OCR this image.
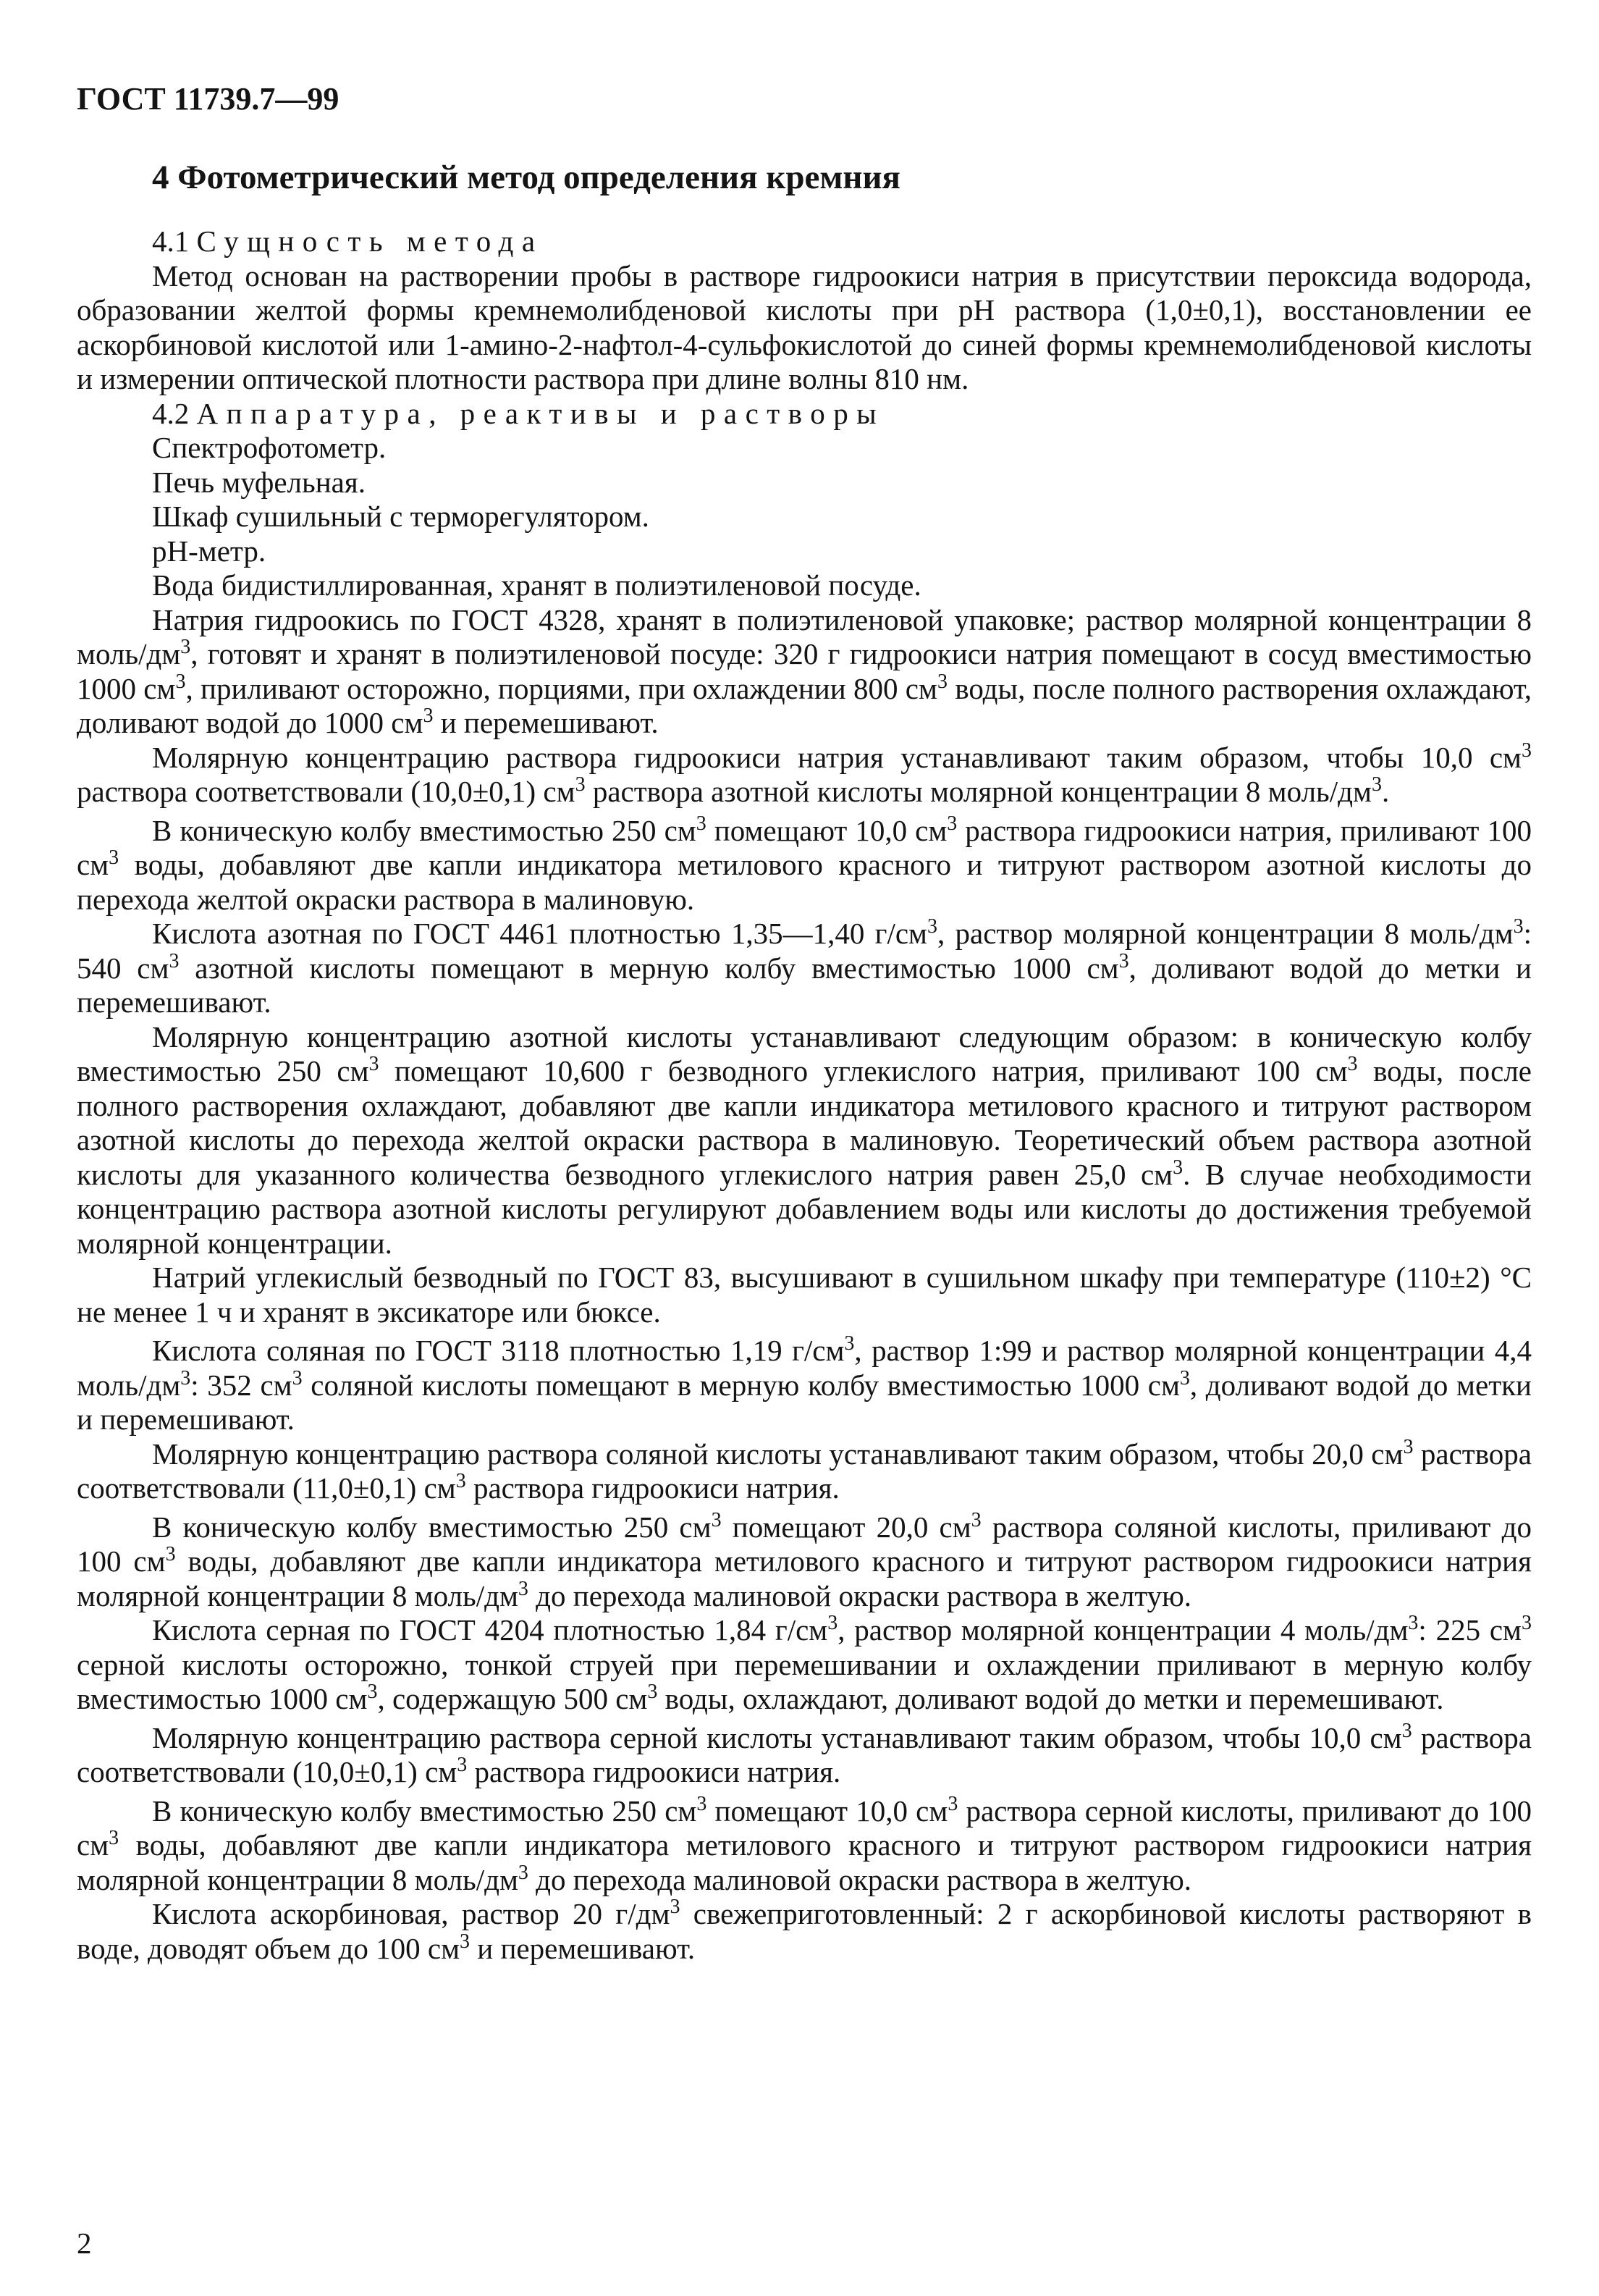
ГОСТ 11739.7—99
4 Фотометрический метод определения кремния
4.1 Сущность метода

Метод основан на растворении пробы в растворе гидроокиси натрия в присутствии пероксида водорода, образовании желтой формы кремнемолибденовой кислоты при pH раствора (1,0±0,1), восстановлении ее аскорбиновой кислотой или 1-амино-2-нафтол-4-сульфокислотой до синей формы кремнемолибденовой кислоты и измерении оптической плотности раствора при длине волны 810 нм.

4.2 Аппаратура, реактивы и растворы

Спектрофотометр.

Печь муфельная.

Шкаф сушильный с терморегулятором.

pH-метр.

Вода бидистиллированная, хранят в полиэтиленовой посуде.

Натрия гидроокись по ГОСТ 4328, хранят в полиэтиленовой упаковке; раствор молярной концентрации 8 моль/$дм^3$, готовят и хранят в полиэтиленовой посуде: 320 г гидроокиси натрия помещают в сосуд вместимостью 1000 $см^3$, приливают осторожно, порциями, при охлаждении 800 $см^3$ воды, после полного растворения охлаждают, доливают водой до 1000 $см^3$ и перемешивают.

Молярную концентрацию раствора гидроокиси натрия устанавливают таким образом, чтобы 10,0 $см^3$ раствора соответствовали (10,0±0,1) $см^3$ раствора азотной кислоты молярной концентрации 8 моль/$дм^3$.

В коническую колбу вместимостью 250 $см^3$ помещают 10,0 $см^3$ раствора гидроокиси натрия, приливают 100 $см^3$ воды, добавляют две капли индикатора метилового красного и титруют раствором азотной кислоты до перехода желтой окраски раствора в малиновую.

Кислота азотная по ГОСТ 4461 плотностью 1,35—1,40 $г/см^3$, раствор молярной концентрации 8 моль/$дм^3$: 540 $см^3$ азотной кислоты помещают в мерную колбу вместимостью 1000 $см^3$, доливают водой до метки и перемешивают.

Молярную концентрацию азотной кислоты устанавливают следующим образом: в коническую колбу вместимостью 250 $см^3$ помещают 10,600 г безводного углекислого натрия, приливают 100 $см^3$ воды, после полного растворения охлаждают, добавляют две капли индикатора метилового красного и титруют раствором азотной кислоты до перехода желтой окраски раствора в малиновую. Теоретический объем раствора азотной кислоты для указанного количества безводного углекислого натрия равен 25,0 $см^3$. В случае необходимости концентрацию раствора азотной кислоты регулируют добавлением воды или кислоты до достижения требуемой молярной концентрации.

Натрий углекислый безводный по ГОСТ 83, высушивают в сушильном шкафу при температуре (110±2) °С не менее 1 ч и хранят в эксикаторе или бюксе.

Кислота соляная по ГОСТ 3118 плотностью 1,19 $г/см^3$, раствор 1:99 и раствор молярной концентрации 4,4 моль/$дм^3$: 352 $см^3$ соляной кислоты помещают в мерную колбу вместимостью 1000 $см^3$, доливают водой до метки и перемешивают.

Молярную концентрацию раствора соляной кислоты устанавливают таким образом, чтобы 20,0 $см^3$ раствора соответствовали (11,0±0,1) $см^3$ раствора гидроокиси натрия.

В коническую колбу вместимостью 250 $см^3$ помещают 20,0 $см^3$ раствора соляной кислоты, приливают до 100 $см^3$ воды, добавляют две капли индикатора метилового красного и титруют раствором гидроокиси натрия молярной концентрации 8 моль/$дм^3$ до перехода малиновой окраски раствора в желтую.

Кислота серная по ГОСТ 4204 плотностью 1,84 $г/см^3$, раствор молярной концентрации 4 моль/$дм^3$: 225 $см^3$ серной кислоты осторожно, тонкой струей при перемешивании и охлаждении приливают в мерную колбу вместимостью 1000 $см^3$, содержащую 500 $см^3$ воды, охлаждают, доливают водой до метки и перемешивают.

Молярную концентрацию раствора серной кислоты устанавливают таким образом, чтобы 10,0 $см^3$ раствора соответствовали (10,0±0,1) $см^3$ раствора гидроокиси натрия.

В коническую колбу вместимостью 250 $см^3$ помещают 10,0 $см^3$ раствора серной кислоты, приливают до 100 $см^3$ воды, добавляют две капли индикатора метилового красного и титруют раствором гидроокиси натрия молярной концентрации 8 моль/$дм^3$ до перехода малиновой окраски раствора в желтую.

Кислота аскорбиновая, раствор 20 $г/дм^3$ свежеприготовленный: 2 г аскорбиновой кислоты растворяют в воде, доводят объем до 100 $см^3$ и перемешивают.

2
